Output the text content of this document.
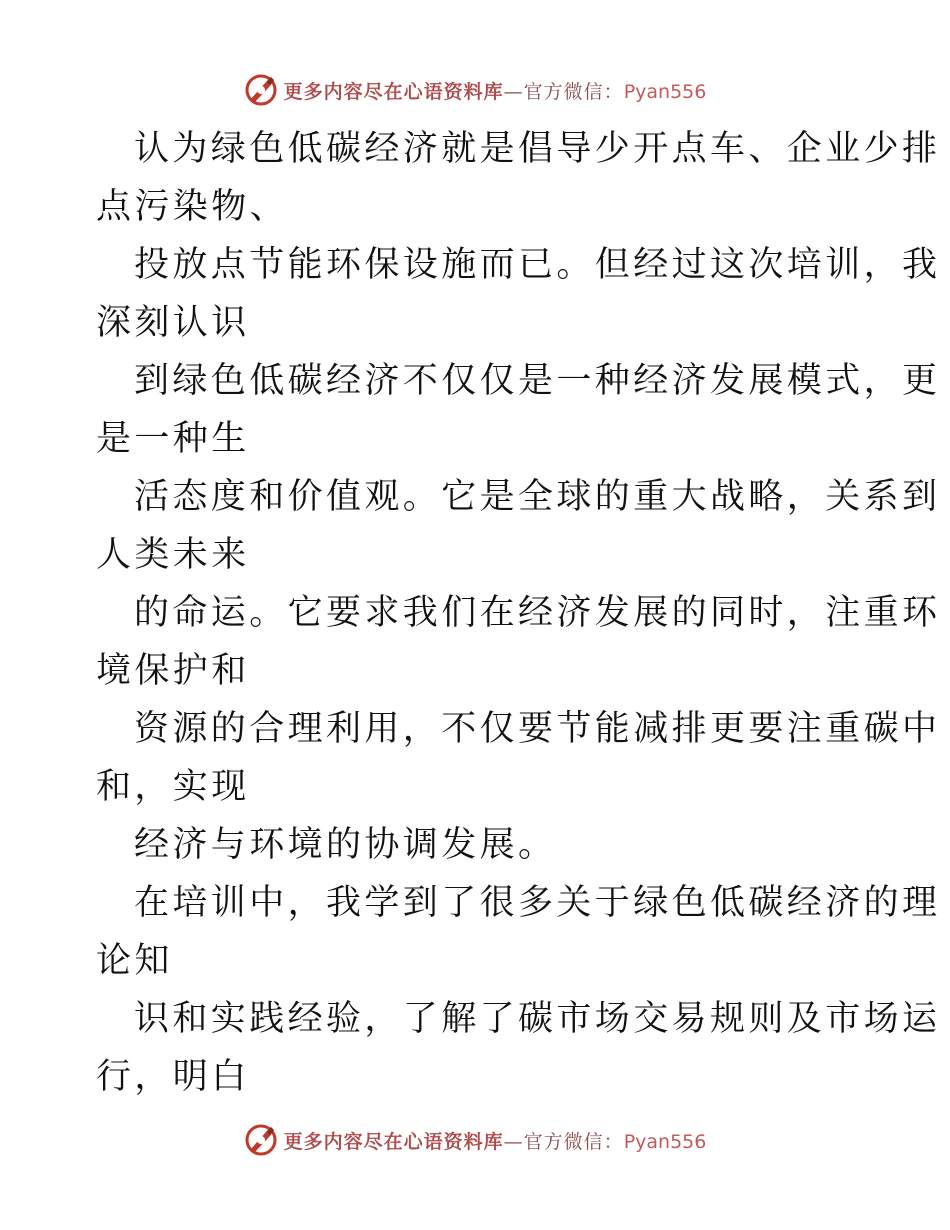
更多内容尽在心语资料库—官方微信：Pyan556
认为绿色低碳经济就是倡导少开点车、企业少排
点污染物、
投放点节能环保设施而已。但经过这次培训，我
深刻认识
到绿色低碳经济不仅仅是一种经济发展模式，更
是一种生
活态度和价值观。它是全球的重大战略，关系到
人类未来
的命运。它要求我们在经济发展的同时，注重环
境保护和
资源的合理利用，不仅要节能减排更要注重碳中
和，实现
经济与环境的协调发展。
在培训中，我学到了很多关于绿色低碳经济的理
论知
识和实践经验，了解了碳市场交易规则及市场运
行，明白
更多内容尽在心语资料库—官方微信：Pyan556
